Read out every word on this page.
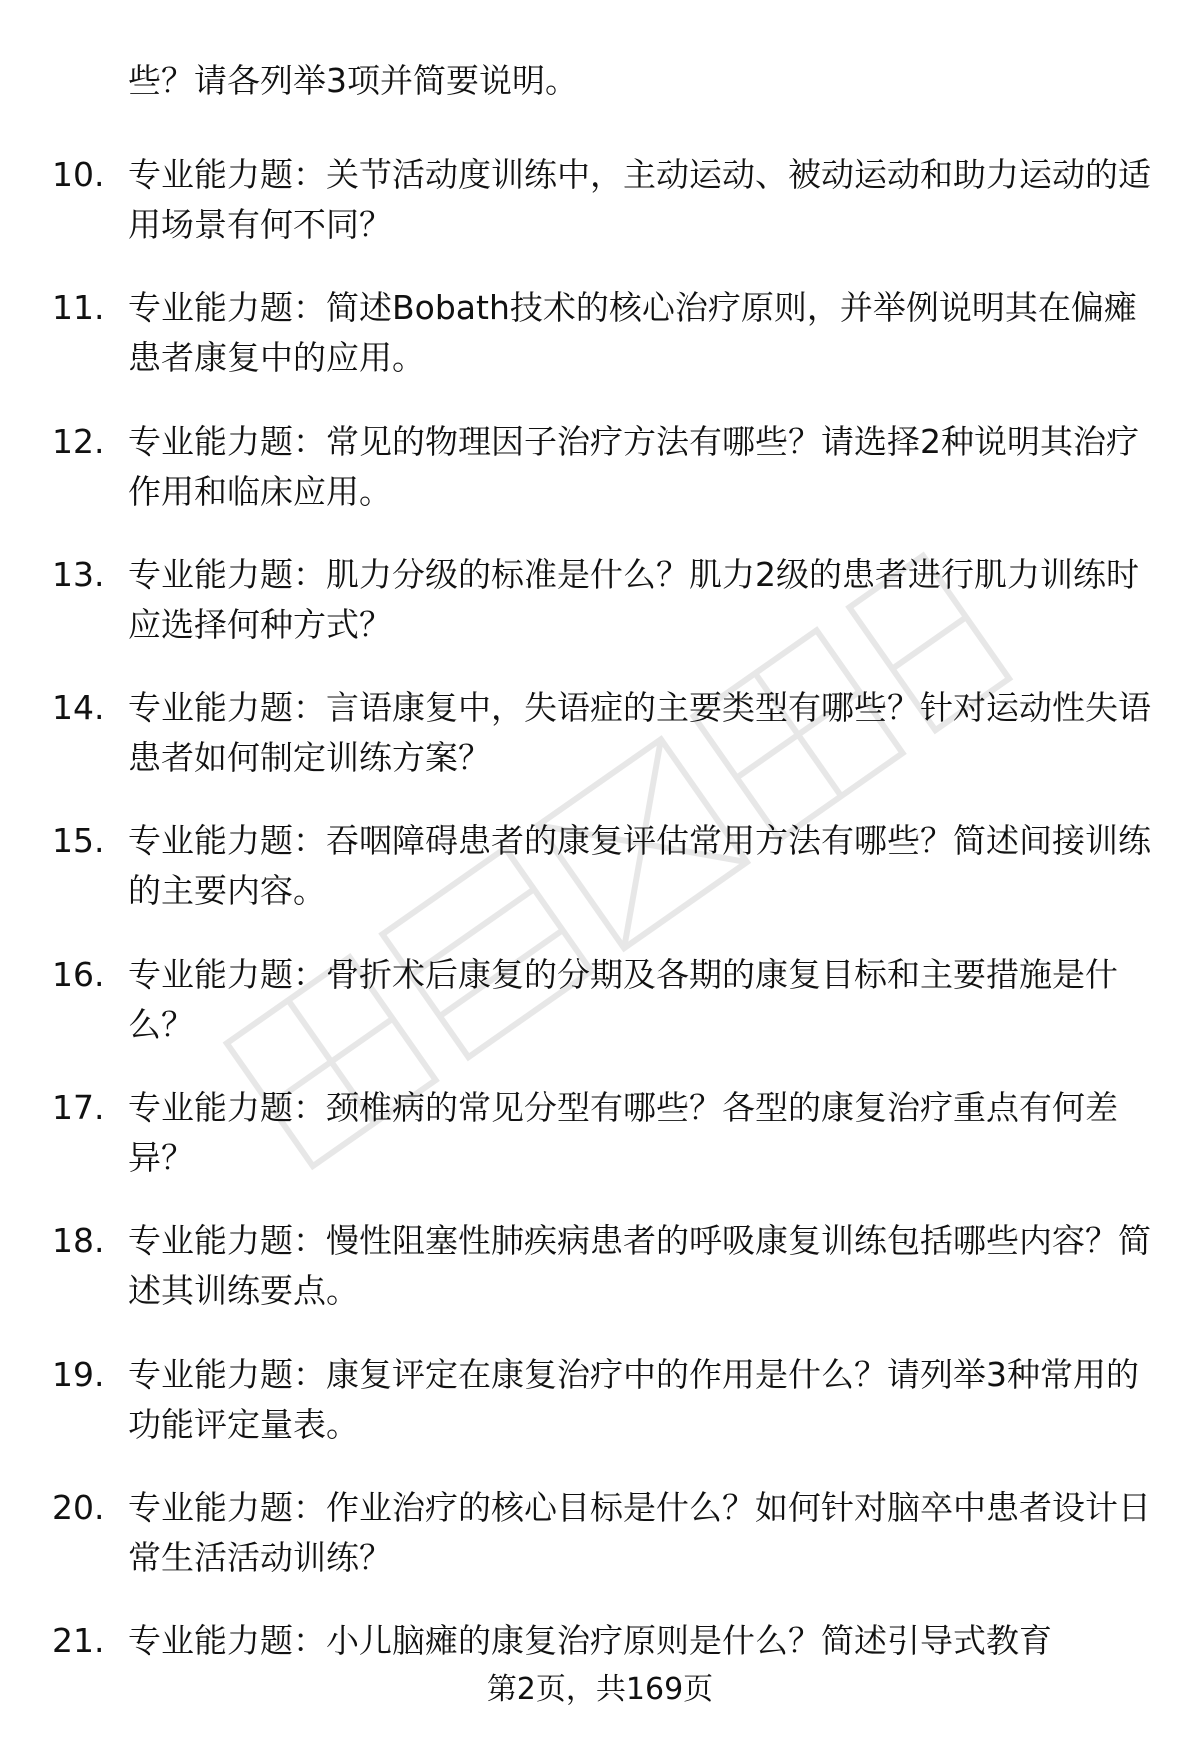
些？请各列举3项并简要说明。
10. 专业能力题：关节活动度训练中，主动运动、被动运动和助力运动的适用场景有何不同？
11. 专业能力题：简述Bobath技术的核心治疗原则，并举例说明其在偏瘫患者康复中的应用。
12. 专业能力题：常见的物理因子治疗方法有哪些？请选择2种说明其治疗作用和临床应用。
13. 专业能力题：肌力分级的标准是什么？肌力2级的患者进行肌力训练时应选择何种方式？
14. 专业能力题：言语康复中，失语症的主要类型有哪些？针对运动性失语患者如何制定训练方案？
15. 专业能力题：吞咽障碍患者的康复评估常用方法有哪些？简述间接训练的主要内容。
16. 专业能力题：骨折术后康复的分期及各期的康复目标和主要措施是什么？
17. 专业能力题：颈椎病的常见分型有哪些？各型的康复治疗重点有何差异？
18. 专业能力题：慢性阻塞性肺疾病患者的呼吸康复训练包括哪些内容？简述其训练要点。
19. 专业能力题：康复评定在康复治疗中的作用是什么？请列举3种常用的功能评定量表。
20. 专业能力题：作业治疗的核心目标是什么？如何针对脑卒中患者设计日常生活活动训练？
21. 专业能力题：小儿脑瘫的康复治疗原则是什么？简述引导式教育
第2页，共169页
